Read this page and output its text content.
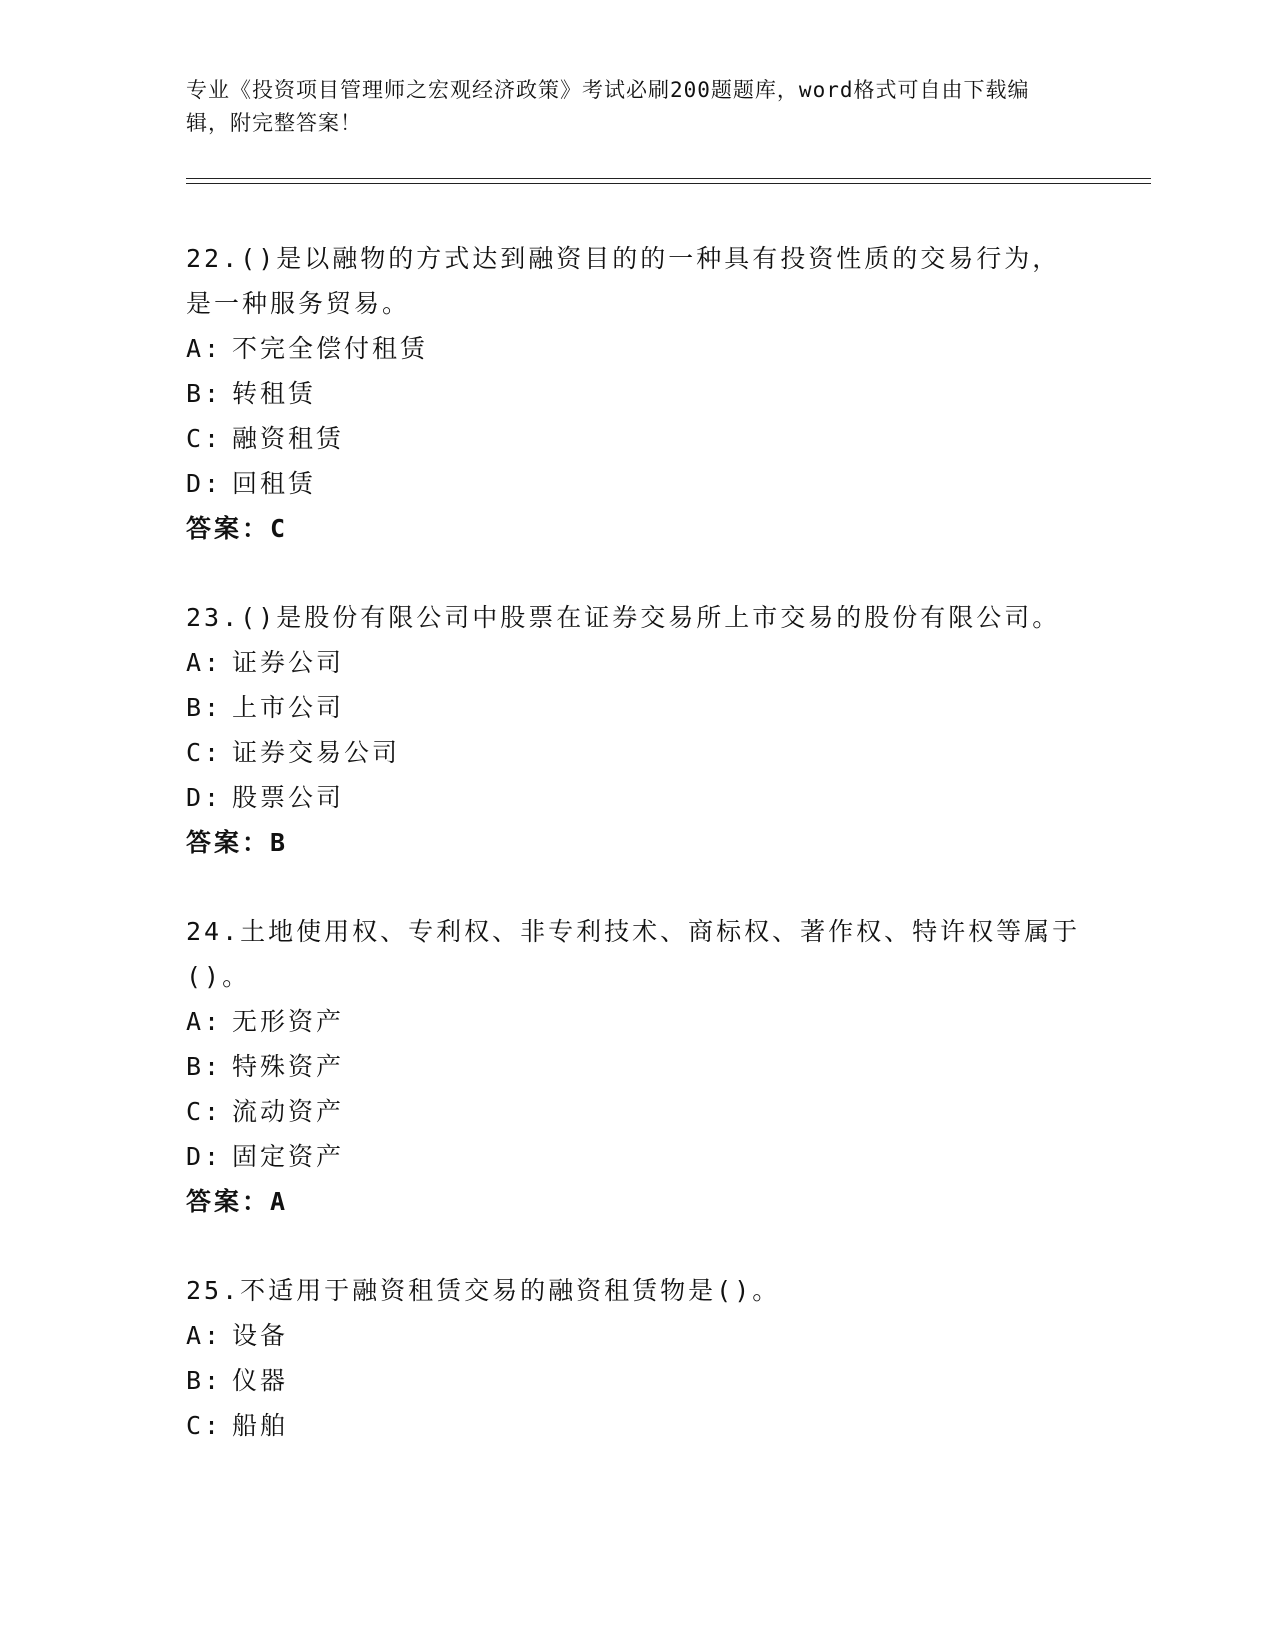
专业《投资项目管理师之宏观经济政策》考试必刷200题题库，word格式可自由下载编辑，附完整答案！

22.()是以融物的方式达到融资目的的一种具有投资性质的交易行为，是一种服务贸易。

A: 不完全偿付租赁
B: 转租赁
C: 融资租赁
D: 回租赁
答案：C

23.()是股份有限公司中股票在证券交易所上市交易的股份有限公司。

A: 证券公司
B: 上市公司
C: 证券交易公司
D: 股票公司
答案：B

24.土地使用权、专利权、非专利技术、商标权、著作权、特许权等属于()。

A: 无形资产
B: 特殊资产
C: 流动资产
D: 固定资产
答案：A

25.不适用于融资租赁交易的融资租赁物是()。

A: 设备
B: 仪器
C: 船舶
